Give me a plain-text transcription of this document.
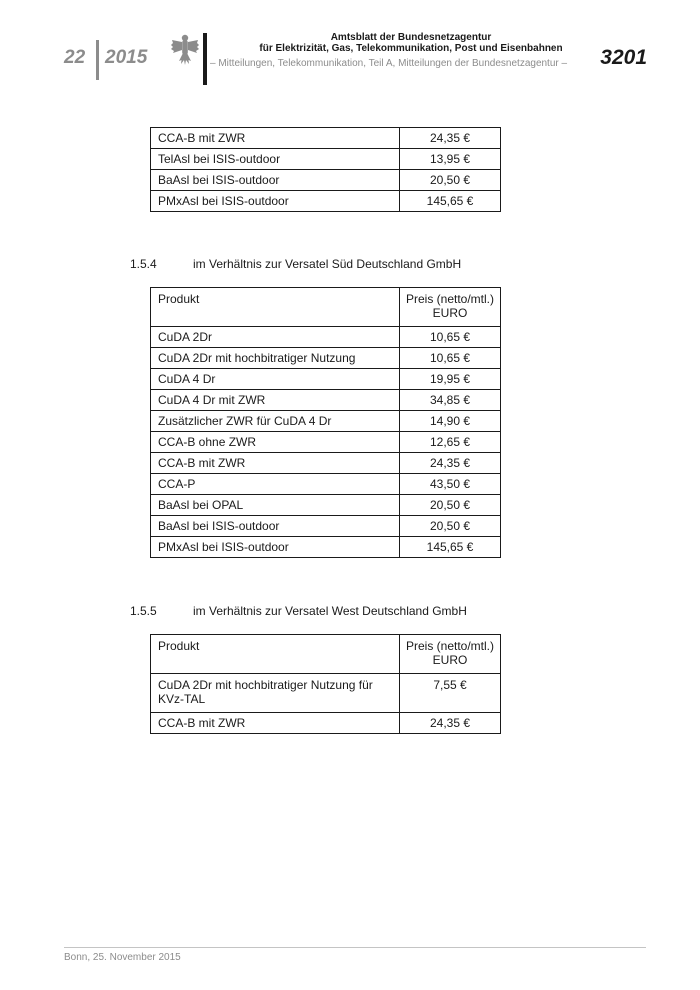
22 2015
Amtsblatt der Bundesnetzagentur
für Elektrizität, Gas, Telekommunikation, Post und Eisenbahnen
– Mitteilungen, Telekommunikation, Teil A, Mitteilungen der Bundesnetzagentur – 3201
CCA-B mit ZWR	24,35 €
TelAsl bei ISIS-outdoor	13,95 €
BaAsl bei ISIS-outdoor	20,50 €
PMxAsl bei ISIS-outdoor	145,65 €
1.5.4	im Verhältnis zur Versatel Süd Deutschland GmbH
Produkt	Preis (netto/mtl.)
EURO

CuDA 2Dr	10,65 €
CuDA 2Dr mit hochbitratiger Nutzung	10,65 €
CuDA 4 Dr	19,95 €
CuDA 4 Dr mit ZWR	34,85 €
Zusätzlicher ZWR für CuDA 4 Dr	14,90 €
CCA-B ohne ZWR	12,65 €
CCA-B mit ZWR	24,35 €
CCA-P	43,50 €
BaAsl bei OPAL	20,50 €
BaAsl bei ISIS-outdoor	20,50 €
PMxAsl bei ISIS-outdoor	145,65 €
1.5.5	im Verhältnis zur Versatel West Deutschland GmbH
Produkt	Preis (netto/mtl.)
EURO

CuDA 2Dr mit hochbitratiger Nutzung für
KVz-TAL	7,55 €
CCA-B mit ZWR	24,35 €
Bonn, 25. November 2015
